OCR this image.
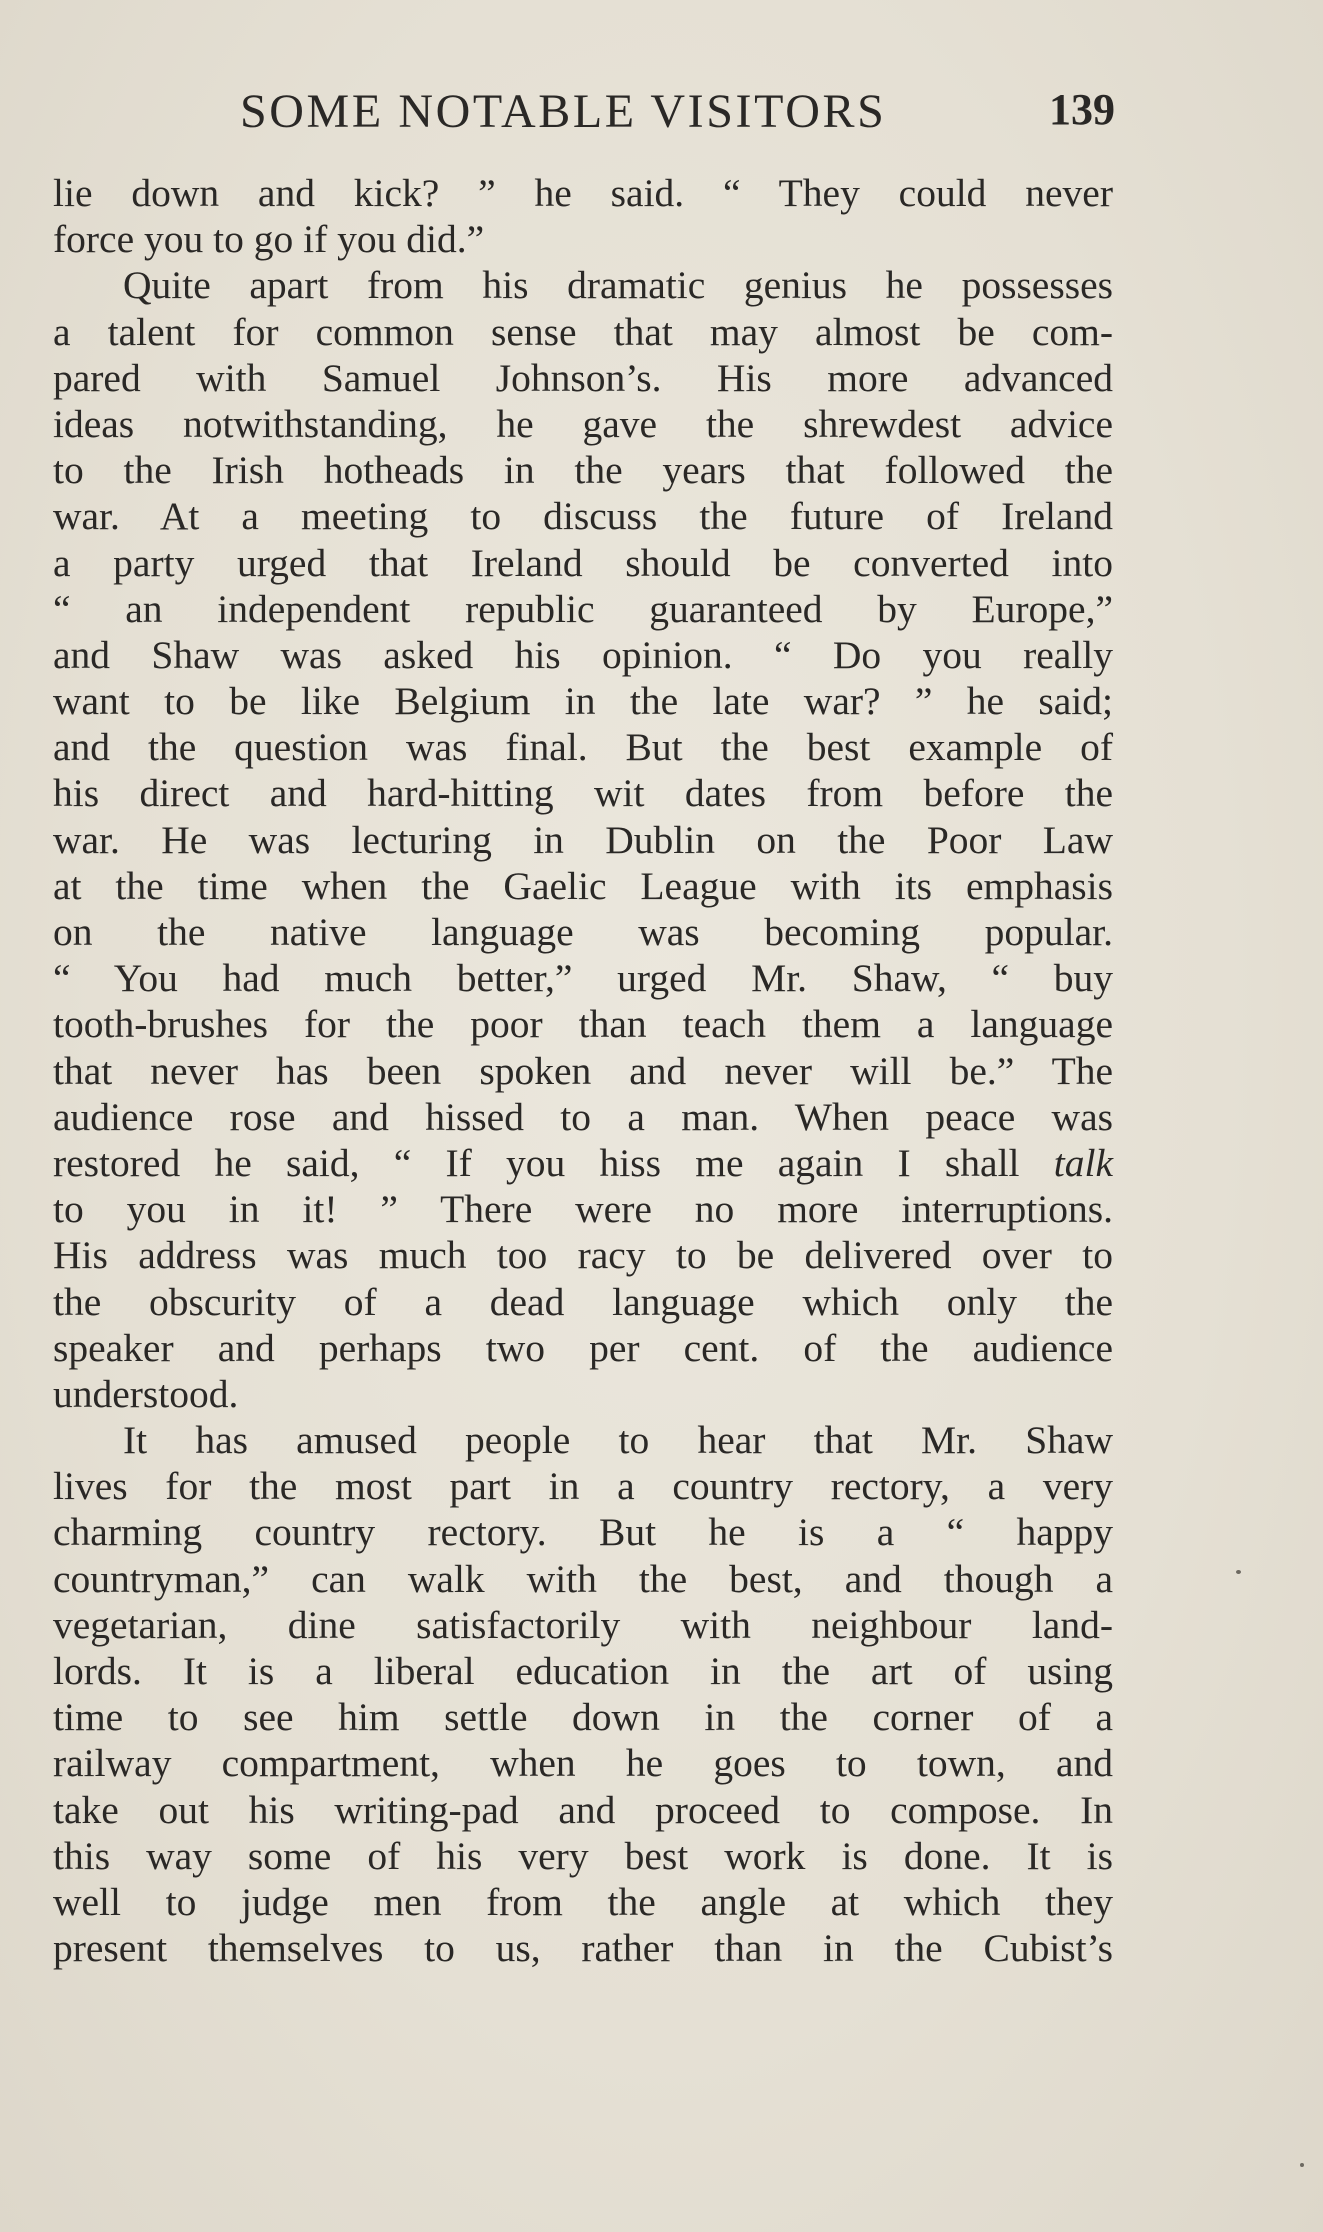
SOME NOTABLE VISITORS	139
lie down and kick? ” he said. “ They could never
force you to go if you did.”
Quite apart from his dramatic genius he possesses
a talent for common sense that may almost be com-
pared with Samuel Johnson’s. His more advanced
ideas notwithstanding, he gave the shrewdest advice
to the Irish hotheads in the years that followed the
war. At a meeting to discuss the future of Ireland
a party urged that Ireland should be converted into
“ an independent republic guaranteed by Europe,”
and Shaw was asked his opinion. “ Do you really
want to be like Belgium in the late war? ” he said;
and the question was final. But the best example of
his direct and hard-hitting wit dates from before the
war. He was lecturing in Dublin on the Poor Law
at the time when the Gaelic League with its emphasis
on the native language was becoming popular.
“ You had much better,” urged Mr. Shaw, “ buy
tooth-brushes for the poor than teach them a language
that never has been spoken and never will be.” The
audience rose and hissed to a man. When peace was
restored he said, “ If you hiss me again I shall talk
to you in it! ” There were no more interruptions.
His address was much too racy to be delivered over to
the obscurity of a dead language which only the
speaker and perhaps two per cent. of the audience
understood.
It has amused people to hear that Mr. Shaw
lives for the most part in a country rectory, a very
charming country rectory. But he is a “ happy
countryman,” can walk with the best, and though a
vegetarian, dine satisfactorily with neighbour land-
lords. It is a liberal education in the art of using
time to see him settle down in the corner of a
railway compartment, when he goes to town, and
take out his writing-pad and proceed to compose. In
this way some of his very best work is done. It is
well to judge men from the angle at which they
present themselves to us, rather than in the Cubist’s
